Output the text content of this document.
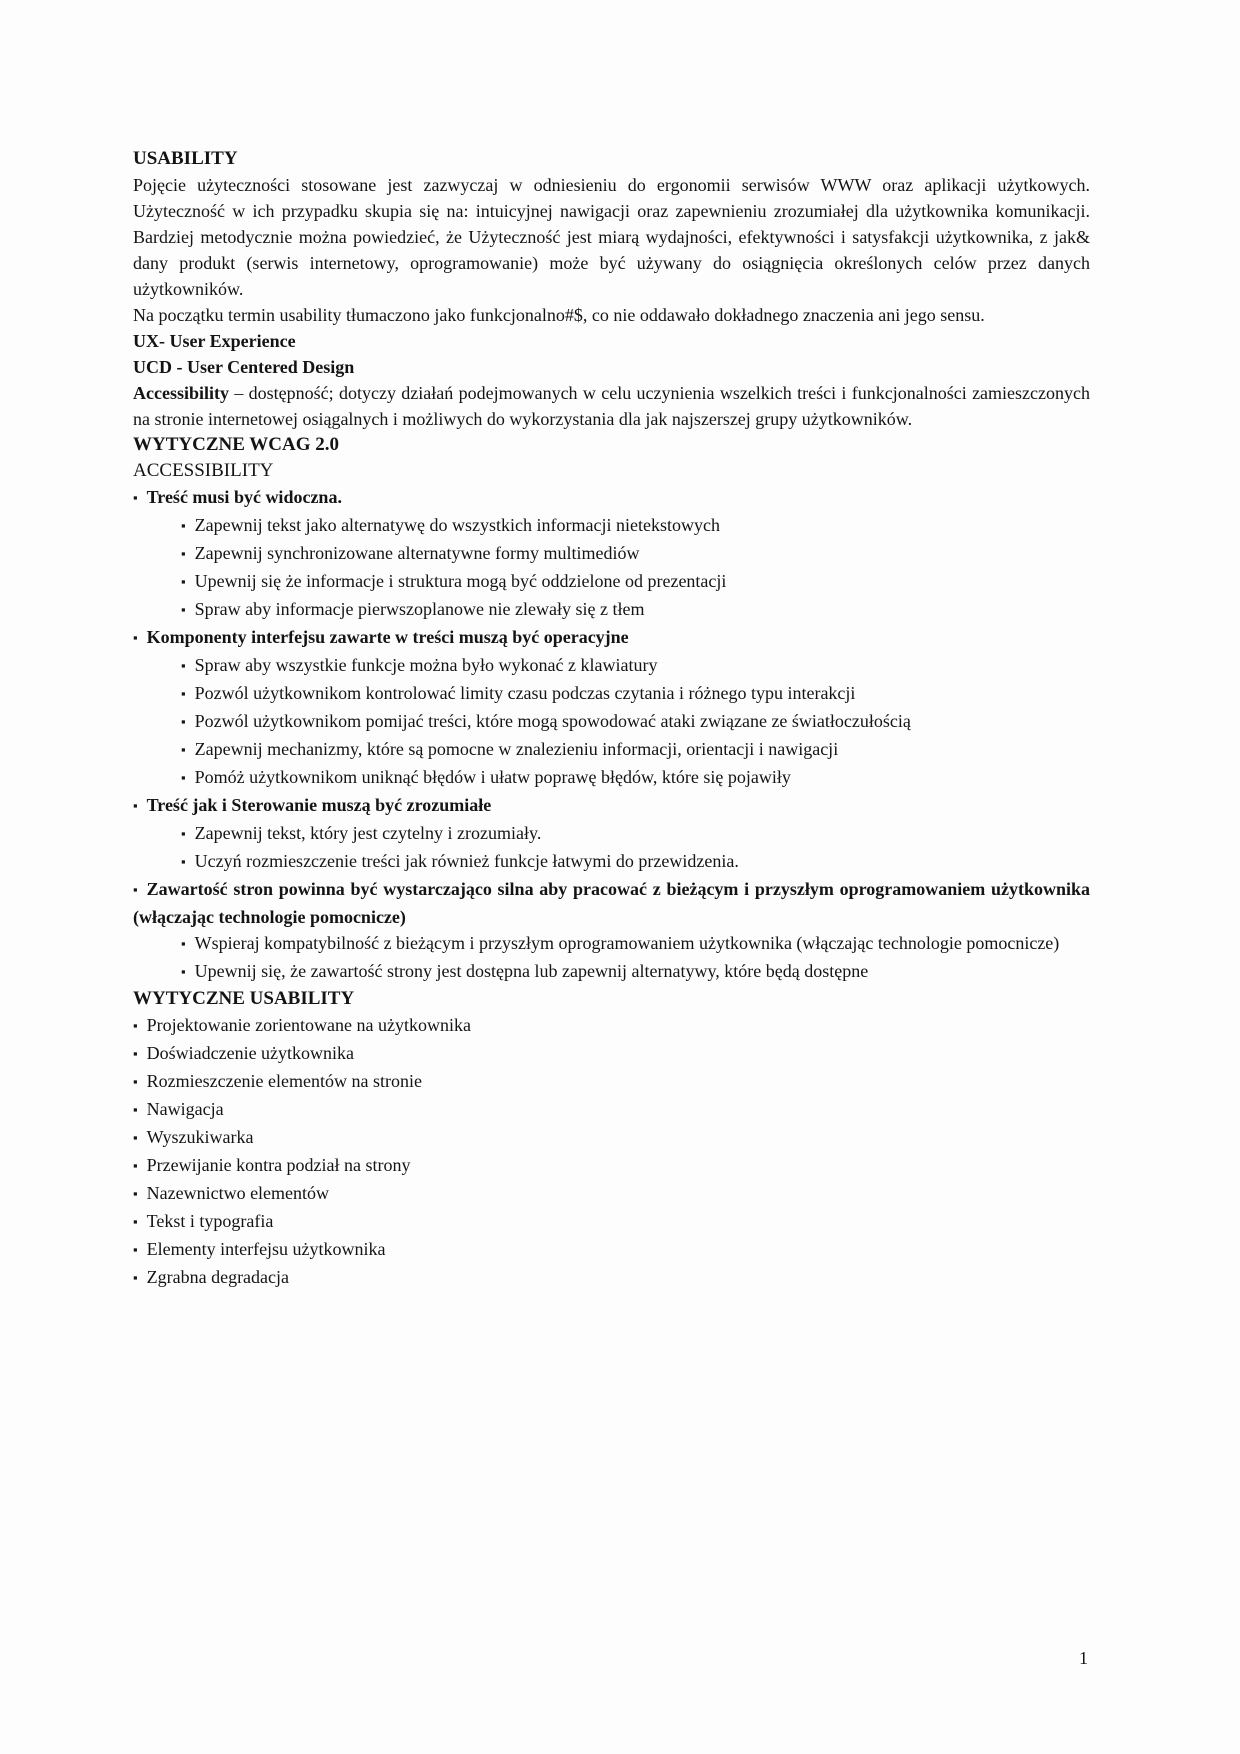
USABILITY

Pojęcie użyteczności stosowane jest zazwyczaj w odniesieniu do ergonomii serwisów WWW oraz aplikacji użytkowych. Użyteczność w ich przypadku skupia się na: intuicyjnej nawigacji oraz zapewnieniu zrozumiałej dla użytkownika komunikacji. Bardziej metodycznie można powiedzieć, że Użyteczność jest miarą wydajności, efektywności i satysfakcji użytkownika, z jak& dany produkt (serwis internetowy, oprogramowanie) może być używany do osiągnięcia określonych celów przez danych użytkowników.

Na początku termin usability tłumaczono jako funkcjonalno#$, co nie oddawało dokładnego znaczenia ani jego sensu.

UX- User Experience

UCD - User Centered Design

Accessibility – dostępność; dotyczy działań podejmowanych w celu uczynienia wszelkich treści i funkcjonalności zamieszczonych na stronie internetowej osiągalnych i możliwych do wykorzystania dla jak najszerszej grupy użytkowników.

WYTYCZNE WCAG 2.0
ACCESSIBILITY

▪ Treść musi być widoczna.

▪ Zapewnij tekst jako alternatywę do wszystkich informacji nietekstowych

▪ Zapewnij synchronizowane alternatywne formy multimediów

▪ Upewnij się że informacje i struktura mogą być oddzielone od prezentacji

▪ Spraw aby informacje pierwszoplanowe nie zlewały się z tłem

▪ Komponenty interfejsu zawarte w treści muszą być operacyjne

▪ Spraw aby wszystkie funkcje można było wykonać z klawiatury

▪ Pozwól użytkownikom kontrolować limity czasu podczas czytania i różnego typu interakcji

▪ Pozwól użytkownikom pomijać treści, które mogą spowodować ataki związane ze światłoczułością

▪ Zapewnij mechanizmy, które są pomocne w znalezieniu informacji, orientacji i nawigacji

▪ Pomóż użytkownikom uniknąć błędów i ułatw poprawę błędów, które się pojawiły

▪ Treść jak i Sterowanie muszą być zrozumiałe

▪ Zapewnij tekst, który jest czytelny i zrozumiały.

▪ Uczyń rozmieszczenie treści jak również funkcje łatwymi do przewidzenia.

▪ Zawartość stron powinna być wystarczająco silna aby pracować z bieżącym i przyszłym oprogramowaniem użytkownika (włączając technologie pomocnicze)

▪ Wspieraj kompatybilność z bieżącym i przyszłym oprogramowaniem użytkownika (włączając technologie pomocnicze)

▪ Upewnij się, że zawartość strony jest dostępna lub zapewnij alternatywy, które będą dostępne

WYTYCZNE USABILITY

▪ Projektowanie zorientowane na użytkownika

▪ Doświadczenie użytkownika

▪ Rozmieszczenie elementów na stronie

▪ Nawigacja

▪ Wyszukiwarka

▪ Przewijanie kontra podział na strony

▪ Nazewnictwo elementów

▪ Tekst i typografia

▪ Elementy interfejsu użytkownika

▪ Zgrabna degradacja

1
